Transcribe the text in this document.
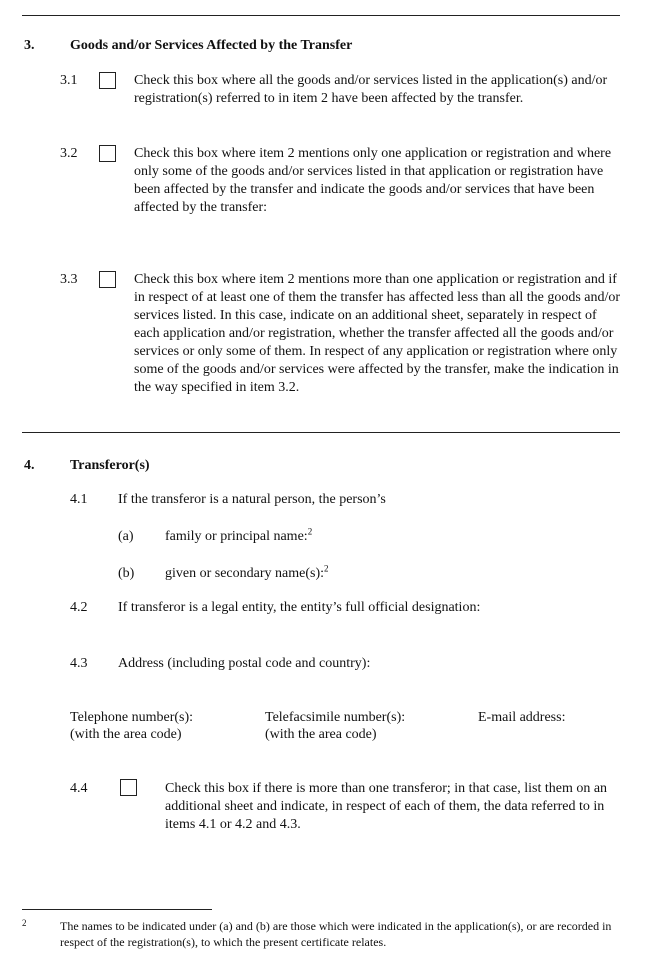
3.	Goods and/or Services Affected by the Transfer
3.1	Check this box where all the goods and/or services listed in the application(s) and/or registration(s) referred to in item 2 have been affected by the transfer.
3.2	Check this box where item 2 mentions only one application or registration and where only some of the goods and/or services listed in that application or registration have been affected by the transfer and indicate the goods and/or services that have been affected by the transfer:
3.3	Check this box where item 2 mentions more than one application or registration and if in respect of at least one of them the transfer has affected less than all the goods and/or services listed. In this case, indicate on an additional sheet, separately in respect of each application and/or registration, whether the transfer affected all the goods and/or services or only some of them. In respect of any application or registration where only some of the goods and/or services were affected by the transfer, make the indication in the way specified in item 3.2.
4.	Transferor(s)
4.1 If the transferor is a natural person, the person’s
(a) family or principal name:$^2$
(b) given or secondary name(s):$^2$
4.2 If transferor is a legal entity, the entity’s full official designation:
4.3 Address (including postal code and country):
Telephone number(s):
(with the area code)
Telefacsimile number(s):
(with the area code)
E-mail address:
4.4	Check this box if there is more than one transferor; in that case, list them on an additional sheet and indicate, in respect of each of them, the data referred to in items 4.1 or 4.2 and 4.3.
2	The names to be indicated under (a) and (b) are those which were indicated in the application(s), or are recorded in respect of the registration(s), to which the present certificate relates.
